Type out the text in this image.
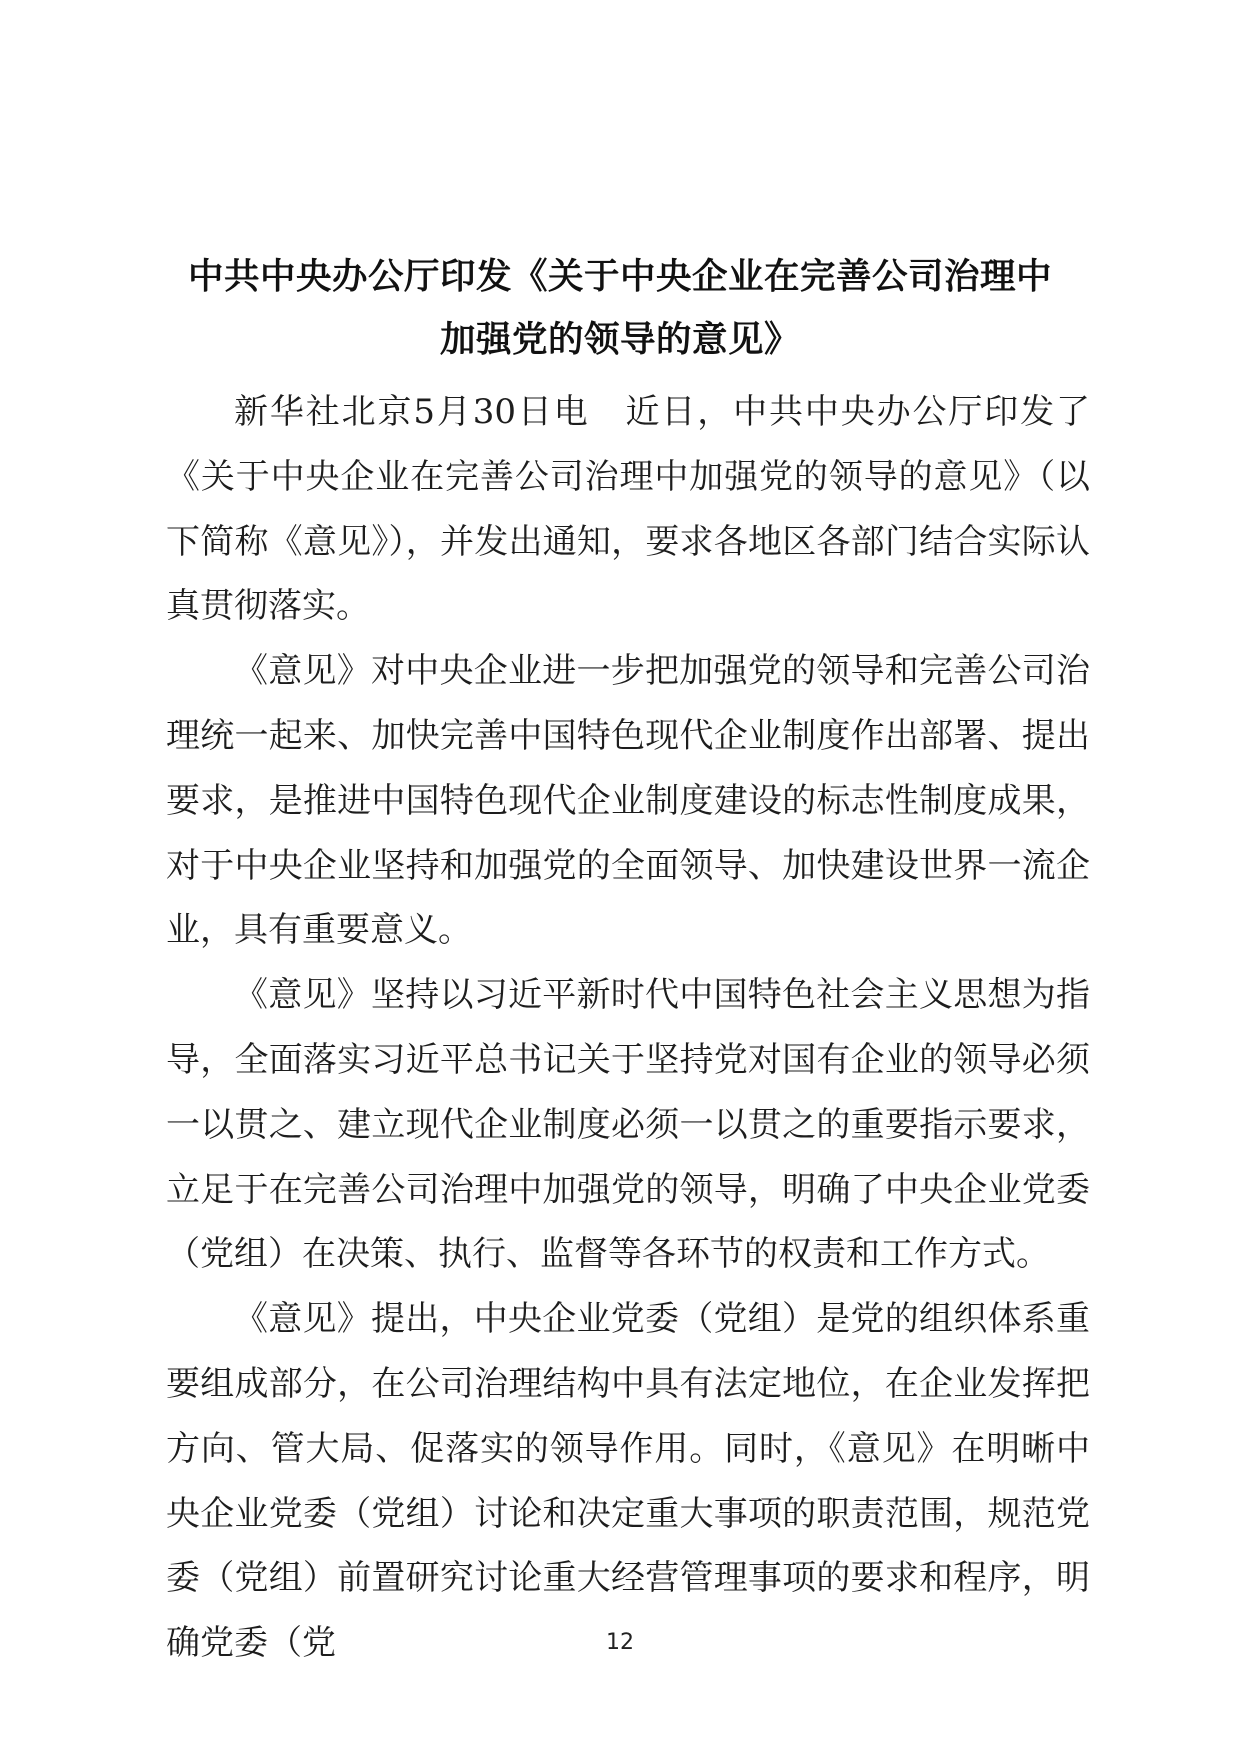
中共中央办公厅印发《关于中央企业在完善公司治理中
加强党的领导的意见》

新华社北京5月30日电　近日，中共中央办公厅印发了《关于中央企业在完善公司治理中加强党的领导的意见》（以下简称《意见》），并发出通知，要求各地区各部门结合实际认真贯彻落实。

《意见》对中央企业进一步把加强党的领导和完善公司治理统一起来、加快完善中国特色现代企业制度作出部署、提出要求，是推进中国特色现代企业制度建设的标志性制度成果，对于中央企业坚持和加强党的全面领导、加快建设世界一流企业，具有重要意义。

《意见》坚持以习近平新时代中国特色社会主义思想为指导，全面落实习近平总书记关于坚持党对国有企业的领导必须一以贯之、建立现代企业制度必须一以贯之的重要指示要求，立足于在完善公司治理中加强党的领导，明确了中央企业党委（党组）在决策、执行、监督等各环节的权责和工作方式。

《意见》提出，中央企业党委（党组）是党的组织体系重要组成部分，在公司治理结构中具有法定地位，在企业发挥把方向、管大局、促落实的领导作用。同时，《意见》在明晰中央企业党委（党组）讨论和决定重大事项的职责范围，规范党委（党组）前置研究讨论重大经营管理事项的要求和程序，明确党委（党	12
